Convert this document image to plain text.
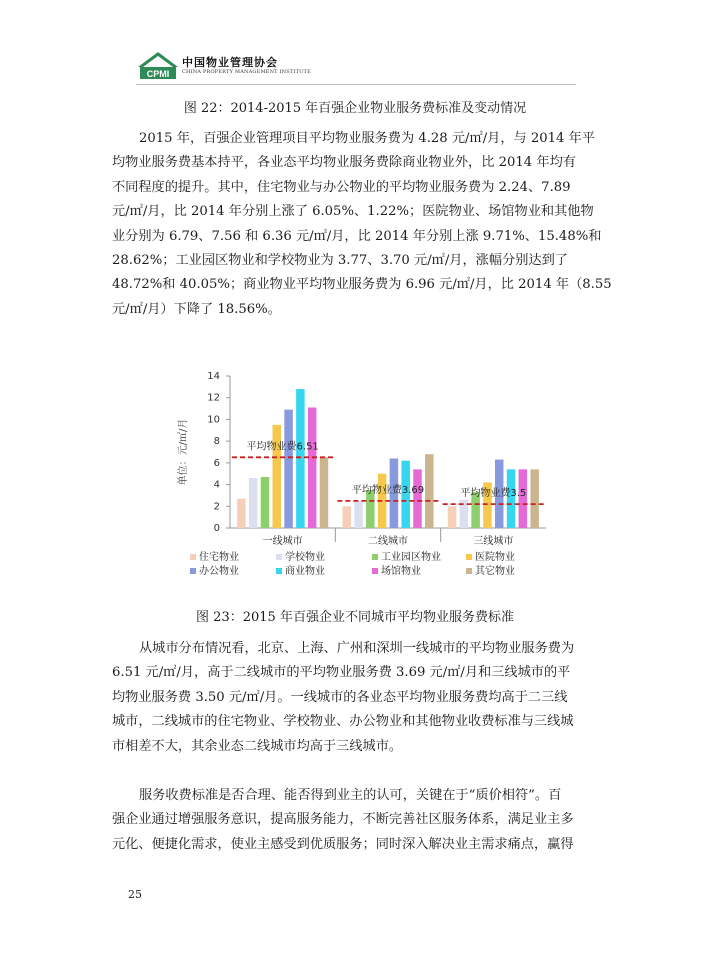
CPMI
中国物业管理协会
CHINA PROPERTY MANAGEMENT INSTITUTE
图 22：2014-2015 年百强企业物业服务费标准及变动情况
2015 年，百强企业管理项目平均物业服务费为 4.28 元/㎡/月，与 2014 年平
均物业服务费基本持平，各业态平均物业服务费除商业物业外，比 2014 年均有
不同程度的提升。其中，住宅物业与办公物业的平均物业服务费为 2.24、7.89
元/㎡/月，比 2014 年分别上涨了 6.05%、1.22%；医院物业、场馆物业和其他物
业分别为 6.79、7.56 和 6.36 元/㎡/月，比 2014 年分别上涨 9.71%、15.48%和
28.62%；工业园区物业和学校物业为 3.77、3.70 元/㎡/月，涨幅分别达到了
48.72%和 40.05%；商业物业平均物业服务费为 6.96 元/㎡/月，比 2014 年（8.55
元/㎡/月）下降了 18.56%。
单位：元/㎡/月
0
2
4
6
8
10
12
14
一线城市	二线城市	三线城市
平均物业费6.51
平均物业费3.69	平均物业费3.5
住宅物业	学校物业	工业园区物业	医院物业
办公物业	商业物业	场馆物业	其它物业
图 23：2015 年百强企业不同城市平均物业服务费标准
从城市分布情况看，北京、上海、广州和深圳一线城市的平均物业服务费为
6.51 元/㎡/月，高于二线城市的平均物业服务费 3.69 元/㎡/月和三线城市的平
均物业服务费 3.50 元/㎡/月。一线城市的各业态平均物业服务费均高于二三线
城市，二线城市的住宅物业、学校物业、办公物业和其他物业收费标准与三线城
市相差不大，其余业态二线城市均高于三线城市。
服务收费标准是否合理、能否得到业主的认可，关键在于“质价相符”。百
强企业通过增强服务意识，提高服务能力，不断完善社区服务体系，满足业主多
元化、便捷化需求，使业主感受到优质服务；同时深入解决业主需求痛点，赢得
25
